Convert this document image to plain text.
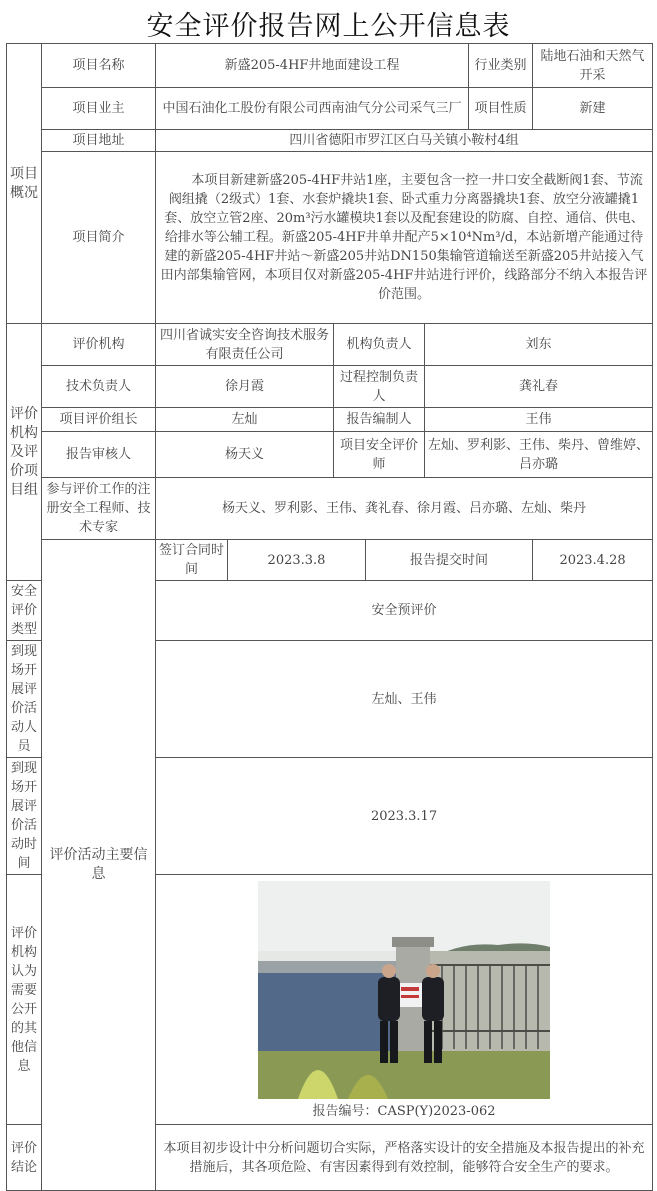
安全评价报告网上公开信息表
项目概况	项目名称	新盛205-4HF井地面建设工程					行业类别	陆地石油和天然气开采
	项目业主	中国石油化工股份有限公司西南油气分公司采气三厂					项目性质	新建
	项目地址	四川省德阳市罗江区白马关镇小鞍村4组						
	项目简介	本项目新建新盛205-4HF井站1座，主要包含一控一井口安全截断阀1套、节流阀组撬（2级式）1套、水套炉撬块1套、卧式重力分离器撬块1套、放空分液罐撬1套、放空立管2座、20m³污水罐模块1套以及配套建设的防腐、自控、通信、供电、给排水等公辅工程。新盛205-4HF井单井配产5×10⁴Nm³/d，本站新增产能通过待建的新盛205-4HF井站～新盛205井站DN150集输管道输送至新盛205井站接入气田内部集输管网，本项目仅对新盛205-4HF井站进行评价，线路部分不纳入本报告评价范围。						
评价机构及评价项目组	评价机构	四川省诚实安全咨询技术服务有限责任公司		机构负责人		刘东		
	技术负责人	徐月霞		过程控制负责人		龚礼春		
	项目评价组长	左灿		报告编制人		王伟		
	报告审核人	杨天义		项目安全评价师		左灿、罗利影、王伟、柴丹、曾维婷、吕亦璐		
	参与评价工作的注册安全工程师、技术专家	杨天义、罗利影、王伟、龚礼春、徐月霞、吕亦璐、左灿、柴丹						
	评价活动主要信息	签订合同时间	2023.3.8		报告提交时间			2023.4.28
安全评价类型		安全预评价						
到现场开展评价活动人员		左灿、王伟						
到现场开展评价活动时间		2023.3.17						
评价机构认为需要公开的其他信息		报告编号：CASP(Y)2023-062						

评价结论		本项目初步设计中分析问题切合实际，严格落实设计的安全措施及本报告提出的补充措施后，其各项危险、有害因素得到有效控制，能够符合安全生产的要求。						
